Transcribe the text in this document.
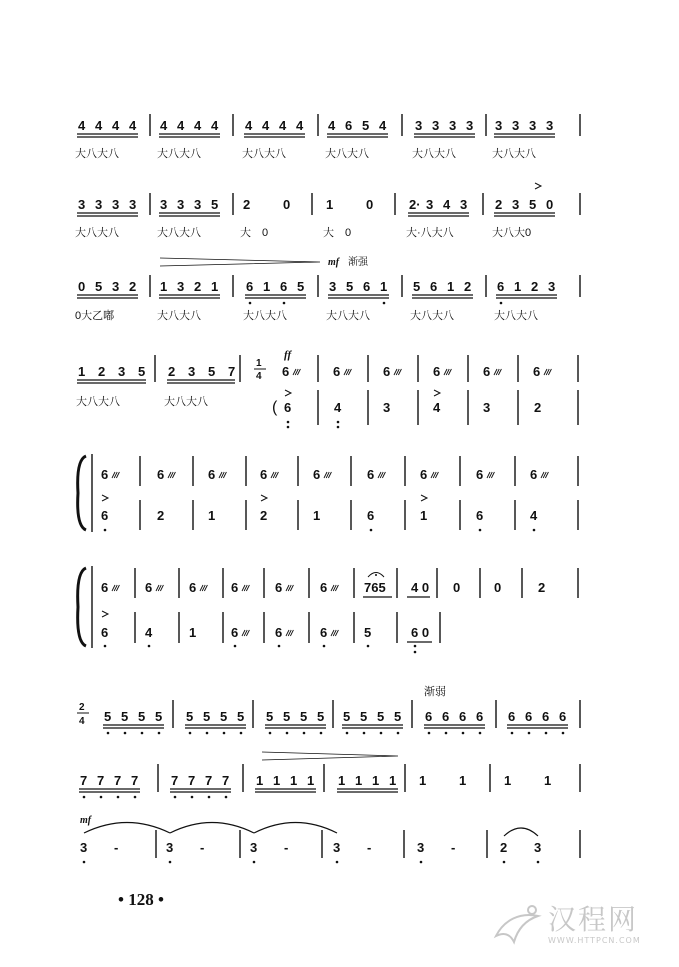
4 4 4 4
大八大八
4 4 4 4
大八大八
4 4 4 4
大八大八
4 6 5 4
大八大八
3 3 3 3
大八大八
3 3 3 3
大八大八
3 3 3 3
大八大八
3 3 3 5
大八大八
2	0
大　0
1	0
大　0
2· 3 4 3
大·八大八
2 3 5 0
大八大0
mf 渐强
0 5 3 2
0大乙嘟
1 3 2 1
大八大八
6 1 6 5
大八大八
3 5 6 1
大八大八
5 6 1 2
大八大八
6 1 2 3
大八大八
1 2 3 5 2 3 5 7
大八大八	大八大八
1
4
ff
6	6	6	6	6	6
( 6	4	3	4	3	2
6	6	6	6	6	6	6	6	6
6	2	1	2	1	6	1	6	4
6	6	6	6	6	6	765 4 0 0	0	2
6	4	1	6	6	6	5	6 0
2
4
渐弱
5 5 5 5 5 5 5 5 5 5 5 5 5 5 5 5 6 6 6 6 6 6 6 6
7 7 7 7	7 7 7 7 1 1 1 1 1 1 1 1 1	1	1	1
mf
3 -	3 -	3 -	3 -	3 -	2 3
• 128 •
汉程网
WWW.HTTPCN.COM
